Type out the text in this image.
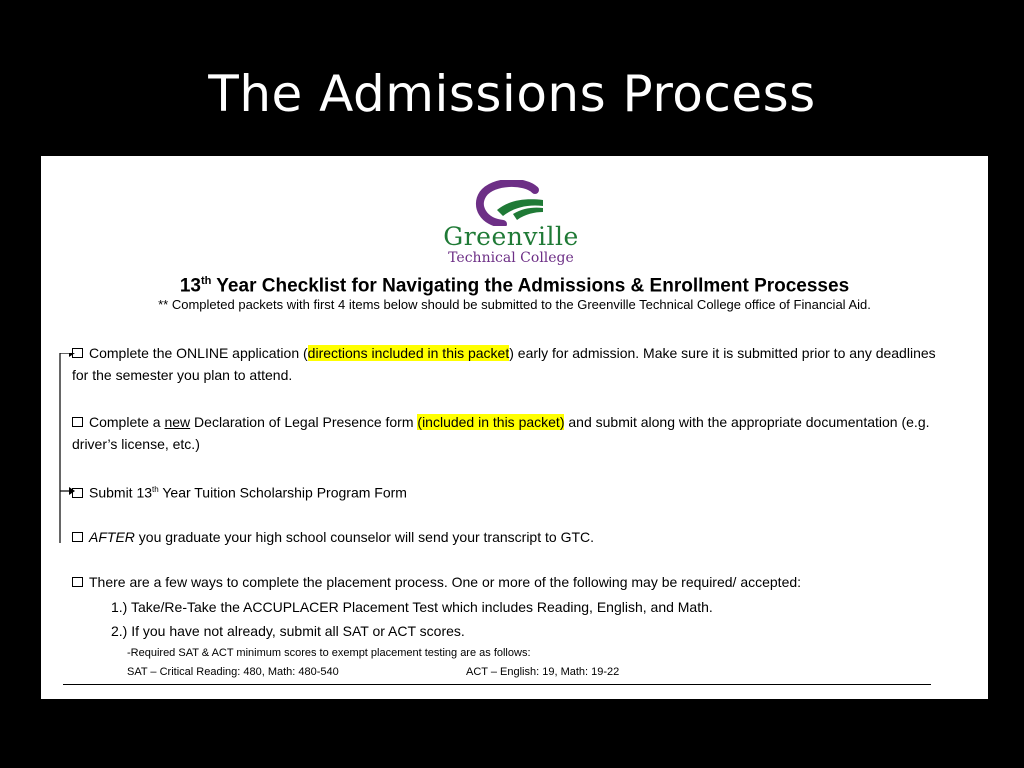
The Admissions Process
Greenville
Technical College
13th Year Checklist for Navigating the Admissions & Enrollment Processes
** Completed packets with first 4 items below should be submitted to the Greenville Technical College office of Financial Aid.
Complete the ONLINE application (directions included in this packet) early for admission. Make sure it is submitted prior to any deadlines for the semester you plan to attend.
Complete a new Declaration of Legal Presence form (included in this packet) and submit along with the appropriate documentation (e.g. driver’s license, etc.)
Submit 13th Year Tuition Scholarship Program Form
AFTER you graduate your high school counselor will send your transcript to GTC.
There are a few ways to complete the placement process. One or more of the following may be required/ accepted:
1.) Take/Re-Take the ACCUPLACER Placement Test which includes Reading, English, and Math.
2.) If you have not already, submit all SAT or ACT scores.
-Required SAT & ACT minimum scores to exempt placement testing are as follows:
SAT – Critical Reading: 480, Math: 480-540	ACT – English: 19, Math: 19-22
